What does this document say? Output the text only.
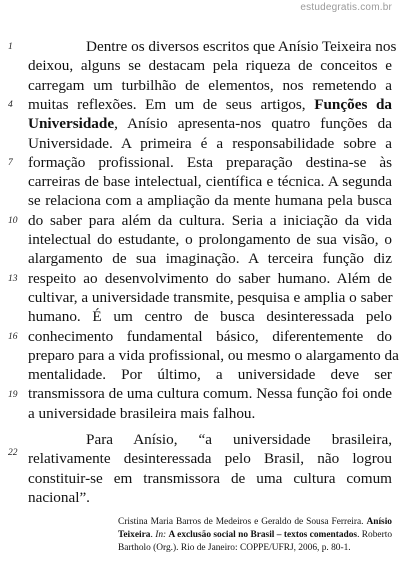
estudegratis.com.br
1
4
7
10
13
16
19
22
Dentre os diversos escritos que Anísio Teixeira nos
deixou, alguns se destacam pela riqueza de conceitos e
carregam um turbilhão de elementos, nos remetendo a
muitas reflexões. Em um de seus artigos, Funções da
Universidade, Anísio apresenta-nos quatro funções da
Universidade. A primeira é a responsabilidade sobre a
formação profissional. Esta preparação destina-se às
carreiras de base intelectual, científica e técnica. A segunda
se relaciona com a ampliação da mente humana pela busca
do saber para além da cultura. Seria a iniciação da vida
intelectual do estudante, o prolongamento de sua visão, o
alargamento de sua imaginação. A terceira função diz
respeito ao desenvolvimento do saber humano. Além de
cultivar, a universidade transmite, pesquisa e amplia o saber
humano. É um centro de busca desinteressada pelo
conhecimento fundamental básico, diferentemente do
preparo para a vida profissional, ou mesmo o alargamento da
mentalidade. Por último, a universidade deve ser
transmissora de uma cultura comum. Nessa função foi onde
a universidade brasileira mais falhou.
Para Anísio, “a universidade brasileira,
relativamente desinteressada pelo Brasil, não logrou
constituir-se em transmissora de uma cultura comum
nacional”.
Cristina Maria Barros de Medeiros e Geraldo de Sousa Ferreira. Anísio Teixeira. In: A exclusão social no Brasil – textos comentados. Roberto Bartholo (Org.). Rio de Janeiro: COPPE/UFRJ, 2006, p. 80-1.
